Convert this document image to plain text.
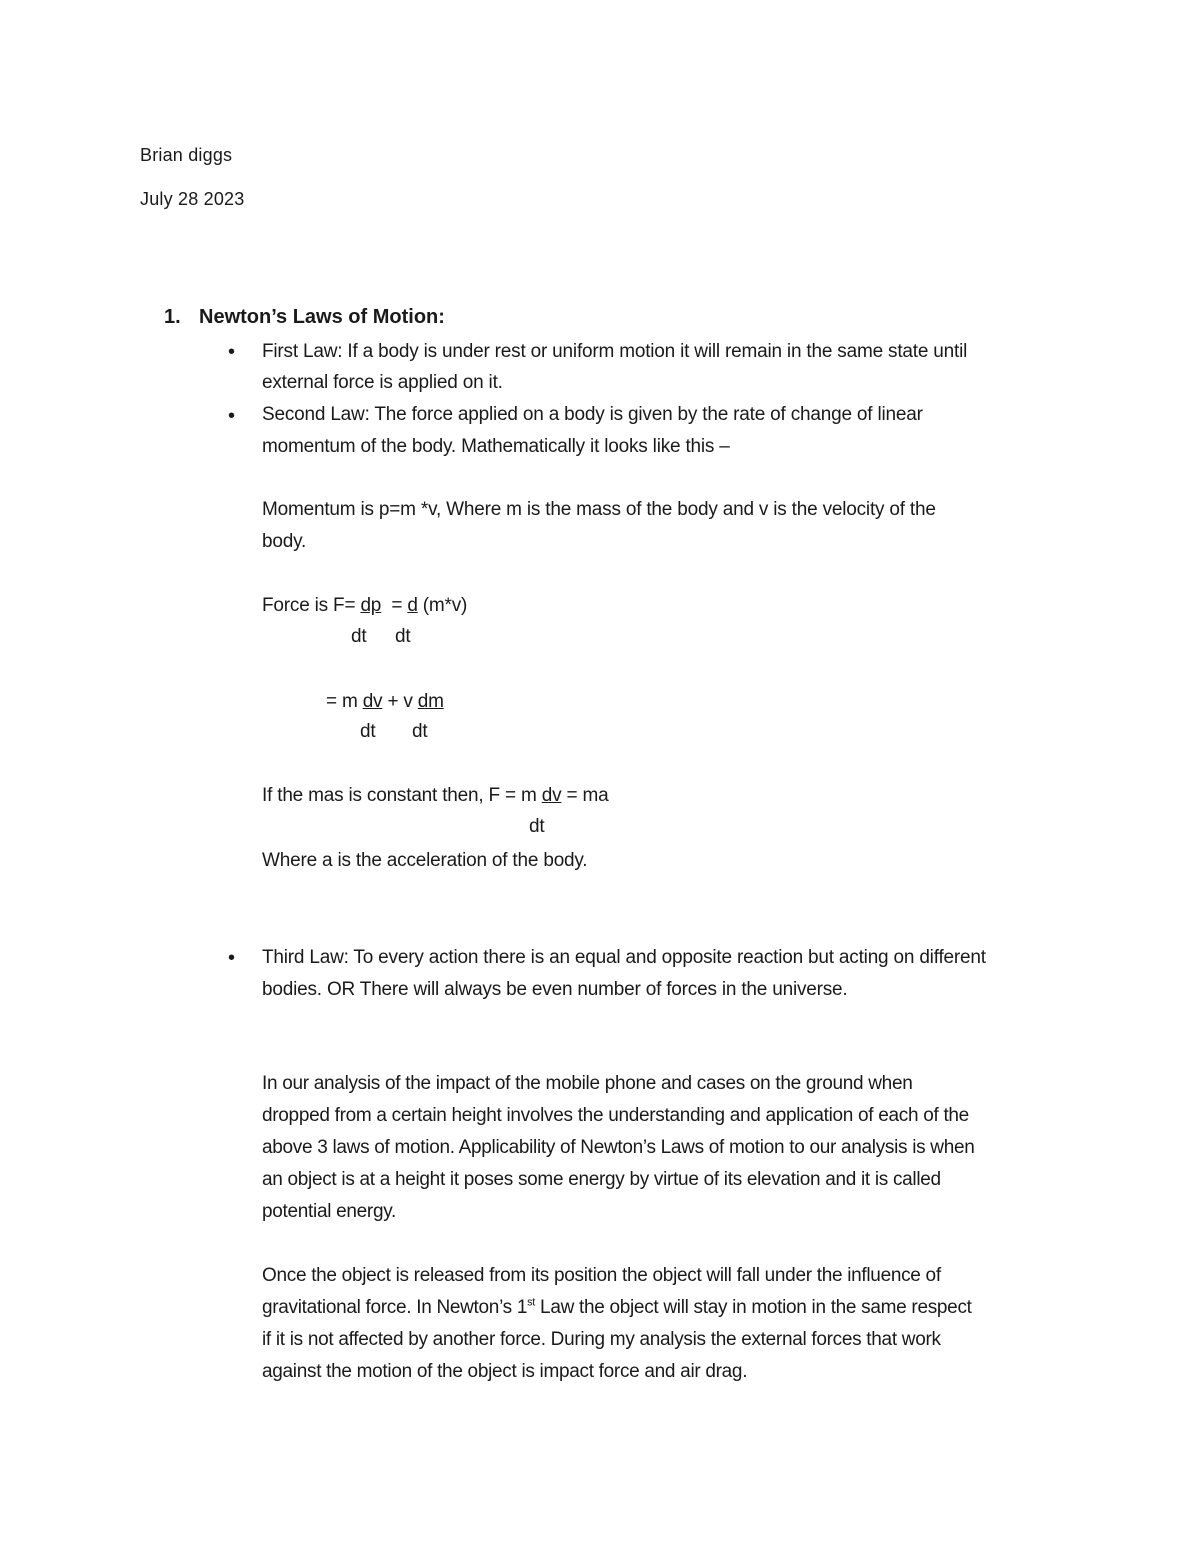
Brian diggs
July 28 2023
1. Newton’s Laws of Motion:
• First Law: If a body is under rest or uniform motion it will remain in the same state until
external force is applied on it.
• Second Law: The force applied on a body is given by the rate of change of linear
momentum of the body. Mathematically it looks like this –
Momentum is p=m *v, Where m is the mass of the body and v is the velocity of the
body.
Force is F= dp  = d (m*v)
dt dt
= m dv + v dm
dt dt
If the mas is constant then, F = m dv = ma
dt
Where a is the acceleration of the body.
• Third Law: To every action there is an equal and opposite reaction but acting on different
bodies. OR There will always be even number of forces in the universe.
In our analysis of the impact of the mobile phone and cases on the ground when dropped from a certain height involves the understanding and application of each of the above 3 laws of motion. Applicability of Newton’s Laws of motion to our analysis is when an object is at a height it poses some energy by virtue of its elevation and it is called potential energy.
Once the object is released from its position the object will fall under the influence of gravitational force. In Newton’s 1st Law the object will stay in motion in the same respect if it is not affected by another force. During my analysis the external forces that work against the motion of the object is impact force and air drag.
